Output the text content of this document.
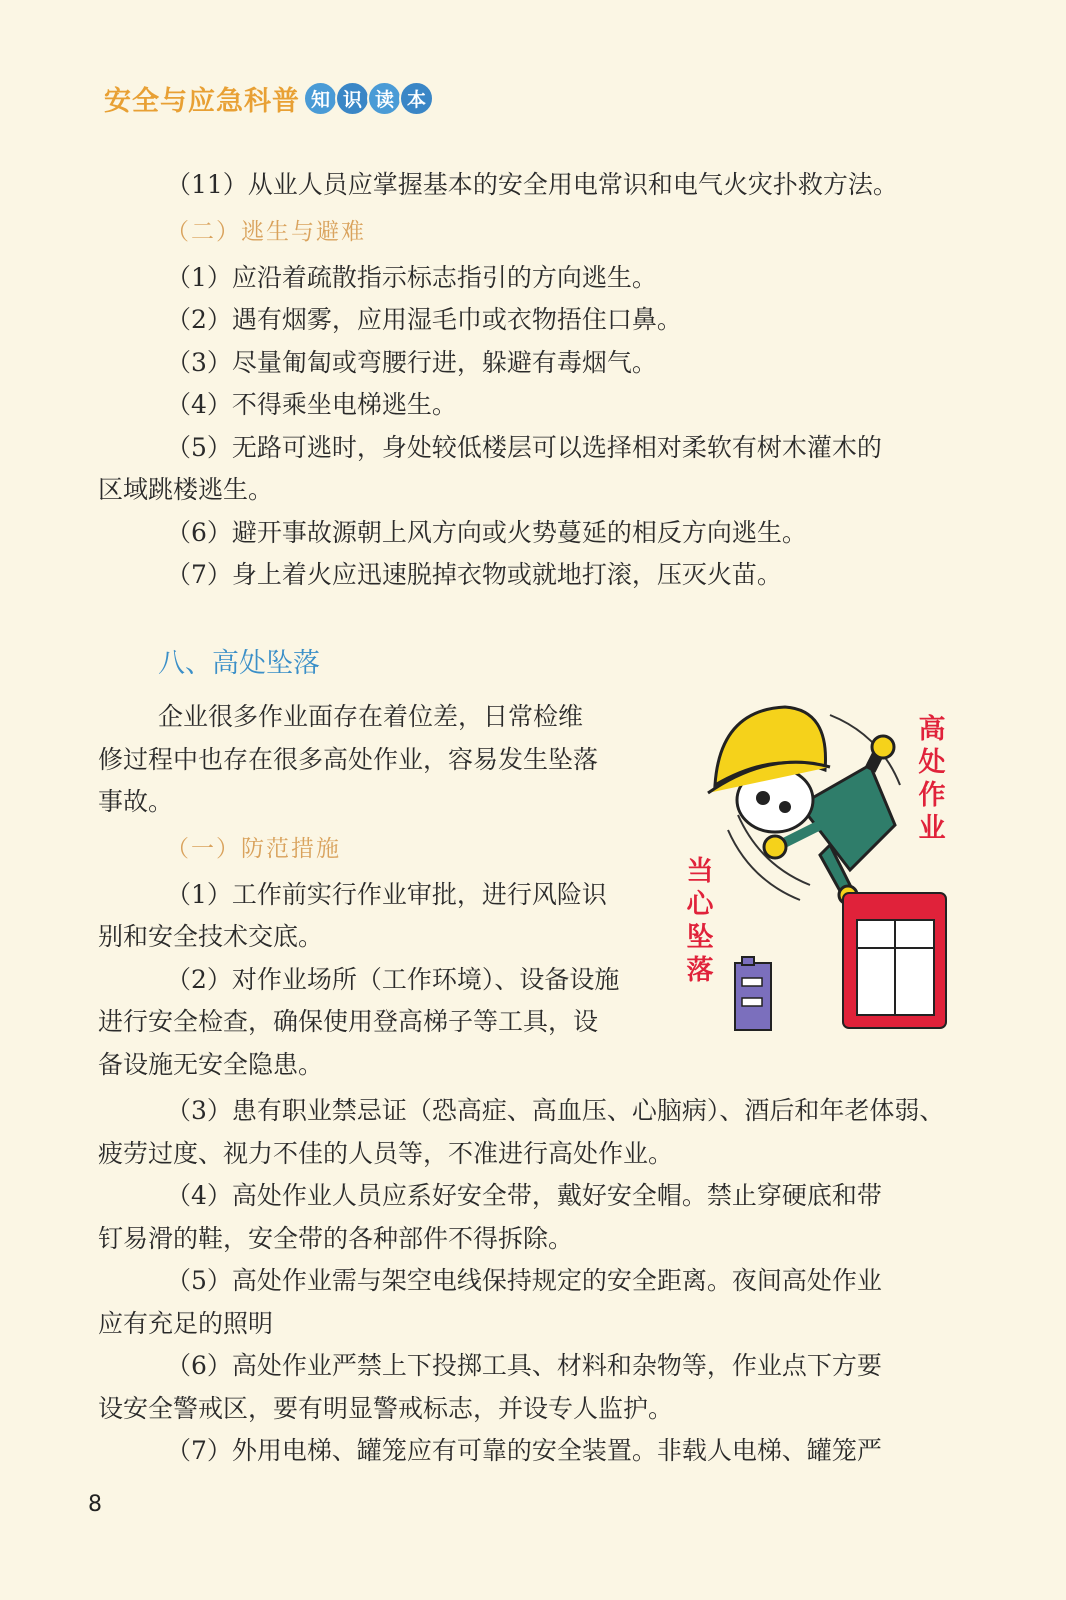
安全与应急科普 知 识 读 本

（11）从业人员应掌握基本的安全用电常识和电气火灾扑救方法。

（二）逃生与避难

（1）应沿着疏散指示标志指引的方向逃生。

（2）遇有烟雾，应用湿毛巾或衣物捂住口鼻。

（3）尽量匍匐或弯腰行进，躲避有毒烟气。

（4）不得乘坐电梯逃生。

（5）无路可逃时，身处较低楼层可以选择相对柔软有树木灌木的

区域跳楼逃生。

（6）避开事故源朝上风方向或火势蔓延的相反方向逃生。

（7）身上着火应迅速脱掉衣物或就地打滚，压灭火苗。

八、高处坠落

企业很多作业面存在着位差，日常检维

修过程中也存在很多高处作业，容易发生坠落

事故。

（一）防范措施

（1）工作前实行作业审批，进行风险识

别和安全技术交底。

（2）对作业场所（工作环境）、设备设施

进行安全检查，确保使用登高梯子等工具，设

备设施无安全隐患。

（3）患有职业禁忌证（恐高症、高血压、心脑病）、酒后和年老体弱、

疲劳过度、视力不佳的人员等，不准进行高处作业。

（4）高处作业人员应系好安全带，戴好安全帽。禁止穿硬底和带

钉易滑的鞋，安全带的各种部件不得拆除。

（5）高处作业需与架空电线保持规定的安全距离。夜间高处作业

应有充足的照明

（6）高处作业严禁上下投掷工具、材料和杂物等，作业点下方要

设安全警戒区，要有明显警戒标志，并设专人监护。

（7）外用电梯、罐笼应有可靠的安全装置。非载人电梯、罐笼严

高处作业
当心坠落
8
